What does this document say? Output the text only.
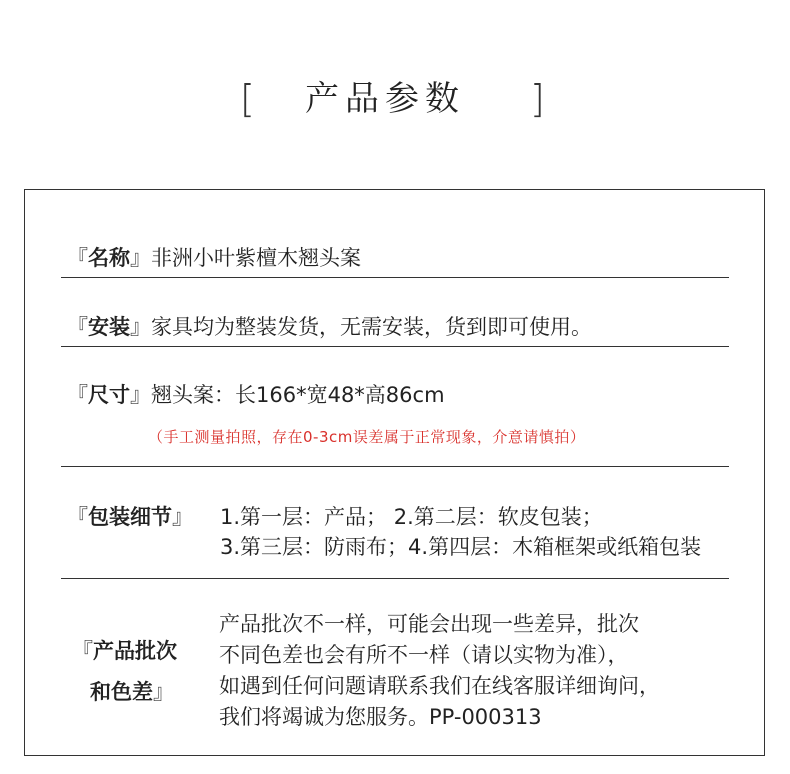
[ 产品参数	]
『名称』非洲小叶紫檀木翘头案
『安装』家具均为整装发货，无需安装，货到即可使用。
『尺寸』翘头案：长166*宽48*高86cm
（手工测量拍照，存在0-3cm误差属于正常现象，介意请慎拍）
『包装细节』 1.第一层：产品； 2.第二层：软皮包装；
3.第三层：防雨布；4.第四层：木箱框架或纸箱包装
『产品批次
和色差』
产品批次不一样，可能会出现一些差异，批次
不同色差也会有所不一样（请以实物为准），
如遇到任何问题请联系我们在线客服详细询问，
我们将竭诚为您服务。PP-000313
